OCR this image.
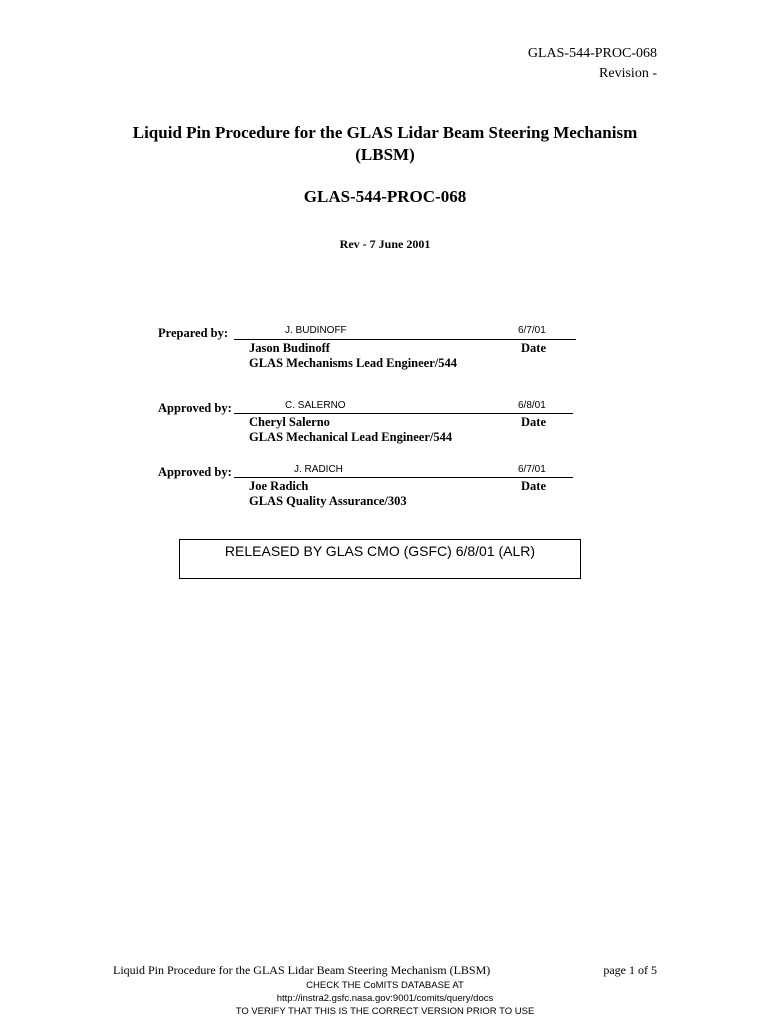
GLAS-544-PROC-068
Revision -
Liquid Pin Procedure for the GLAS Lidar Beam Steering Mechanism
(LBSM)
GLAS-544-PROC-068
Rev - 7 June 2001
Prepared by:	J. BUDINOFF	6/7/01
Jason Budinoff	Date
GLAS Mechanisms Lead Engineer/544
Approved by:	C. SALERNO	6/8/01
Cheryl Salerno	Date
GLAS Mechanical Lead Engineer/544
Approved by:	J. RADICH	6/7/01
Joe Radich	Date
GLAS Quality Assurance/303
RELEASED BY GLAS CMO (GSFC) 6/8/01 (ALR)
Liquid Pin Procedure for the GLAS Lidar Beam Steering Mechanism (LBSM)	page 1 of 5
CHECK THE CoMITS DATABASE AT
http://instra2.gsfc.nasa.gov:9001/comits/query/docs
TO VERIFY THAT THIS IS THE CORRECT VERSION PRIOR TO USE
